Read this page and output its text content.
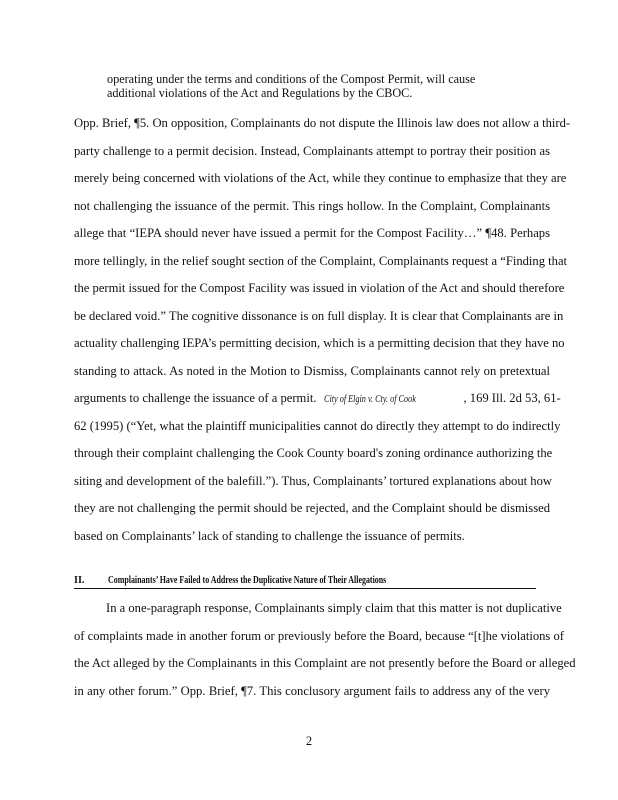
operating under the terms and conditions of the Compost Permit, will cause
additional violations of the Act and Regulations by the CBOC.
Opp. Brief, ¶5. On opposition, Complainants do not dispute the Illinois law does not allow a third-
party challenge to a permit decision. Instead, Complainants attempt to portray their position as
merely being concerned with violations of the Act, while they continue to emphasize that they are
not challenging the issuance of the permit. This rings hollow. In the Complaint, Complainants
allege that “IEPA should never have issued a permit for the Compost Facility…” ¶48. Perhaps
more tellingly, in the relief sought section of the Complaint, Complainants request a “Finding that
the permit issued for the Compost Facility was issued in violation of the Act and should therefore
be declared void.” The cognitive dissonance is on full display. It is clear that Complainants are in
actuality challenging IEPA’s permitting decision, which is a permitting decision that they have no
standing to attack. As noted in the Motion to Dismiss, Complainants cannot rely on pretextual
arguments to challenge the issuance of a permit. City of Elgin v. Cty. of Cook	, 169 Ill. 2d 53, 61-
62 (1995) (“Yet, what the plaintiff municipalities cannot do directly they attempt to do indirectly
through their complaint challenging the Cook County board's zoning ordinance authorizing the
siting and development of the balefill.”). Thus, Complainants’ tortured explanations about how
they are not challenging the permit should be rejected, and the Complaint should be dismissed
based on Complainants’ lack of standing to challenge the issuance of permits.
II. Complainants’ Have Failed to Address the Duplicative Nature of Their Allegations
In a one-paragraph response, Complainants simply claim that this matter is not duplicative
of complaints made in another forum or previously before the Board, because “[t]he violations of
the Act alleged by the Complainants in this Complaint are not presently before the Board or alleged
in any other forum.” Opp. Brief, ¶7. This conclusory argument fails to address any of the very
2
